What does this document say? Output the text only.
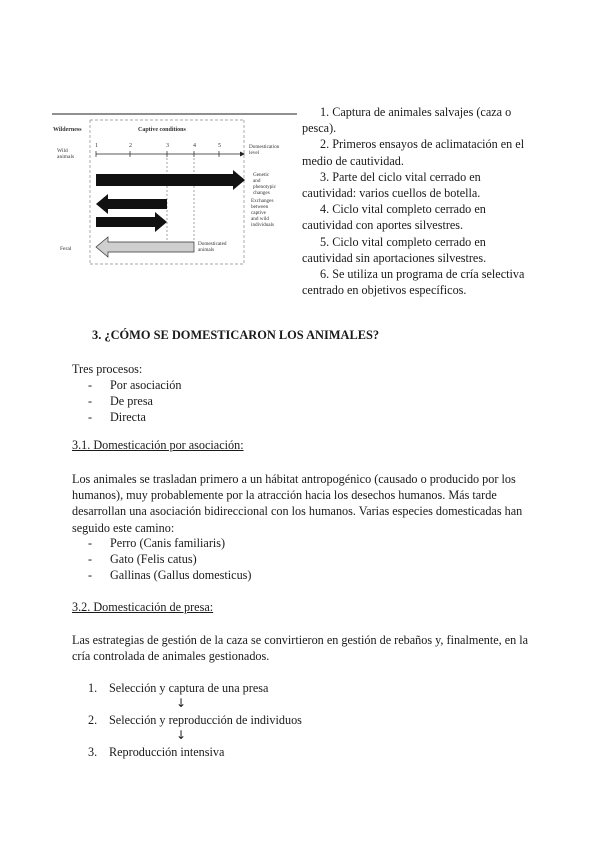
Wilderness	Captive conditions
Wild animals
1	2	3	4	5	Domestication level
Genetic and phenotypic changes
Exchanges between captive and wild individuals
Feral
Domesticated animals

1. Captura de animales salvajes (caza o pesca).

2. Primeros ensayos de aclimatación en el medio de cautividad.

3. Parte del ciclo vital cerrado en cautividad: varios cuellos de botella.

4. Ciclo vital completo cerrado en cautividad con aportes silvestres.

5. Ciclo vital completo cerrado en cautividad sin aportaciones silvestres.

6. Se utiliza un programa de cría selectiva centrado en objetivos específicos.

3. ¿CÓMO SE DOMESTICARON LOS ANIMALES?

Tres procesos:

- Por asociación
- De presa
- Directa
3.1. Domesticación por asociación:

Los animales se trasladan primero a un hábitat antropogénico (causado o producido por los humanos), muy probablemente por la atracción hacia los desechos humanos. Más tarde desarrollan una asociación bidireccional con los humanos. Varias especies domesticadas han seguido este camino:

- Perro (Canis familiaris)
- Gato (Felis catus)
- Gallinas (Gallus domesticus)
3.2. Domesticación de presa:

Las estrategias de gestión de la caza se convirtieron en gestión de rebaños y, finalmente, en la cría controlada de animales gestionados.

1. Selección y captura de una presa
↓
2. Selección y reproducción de individuos
↓
3. Reproducción intensiva
